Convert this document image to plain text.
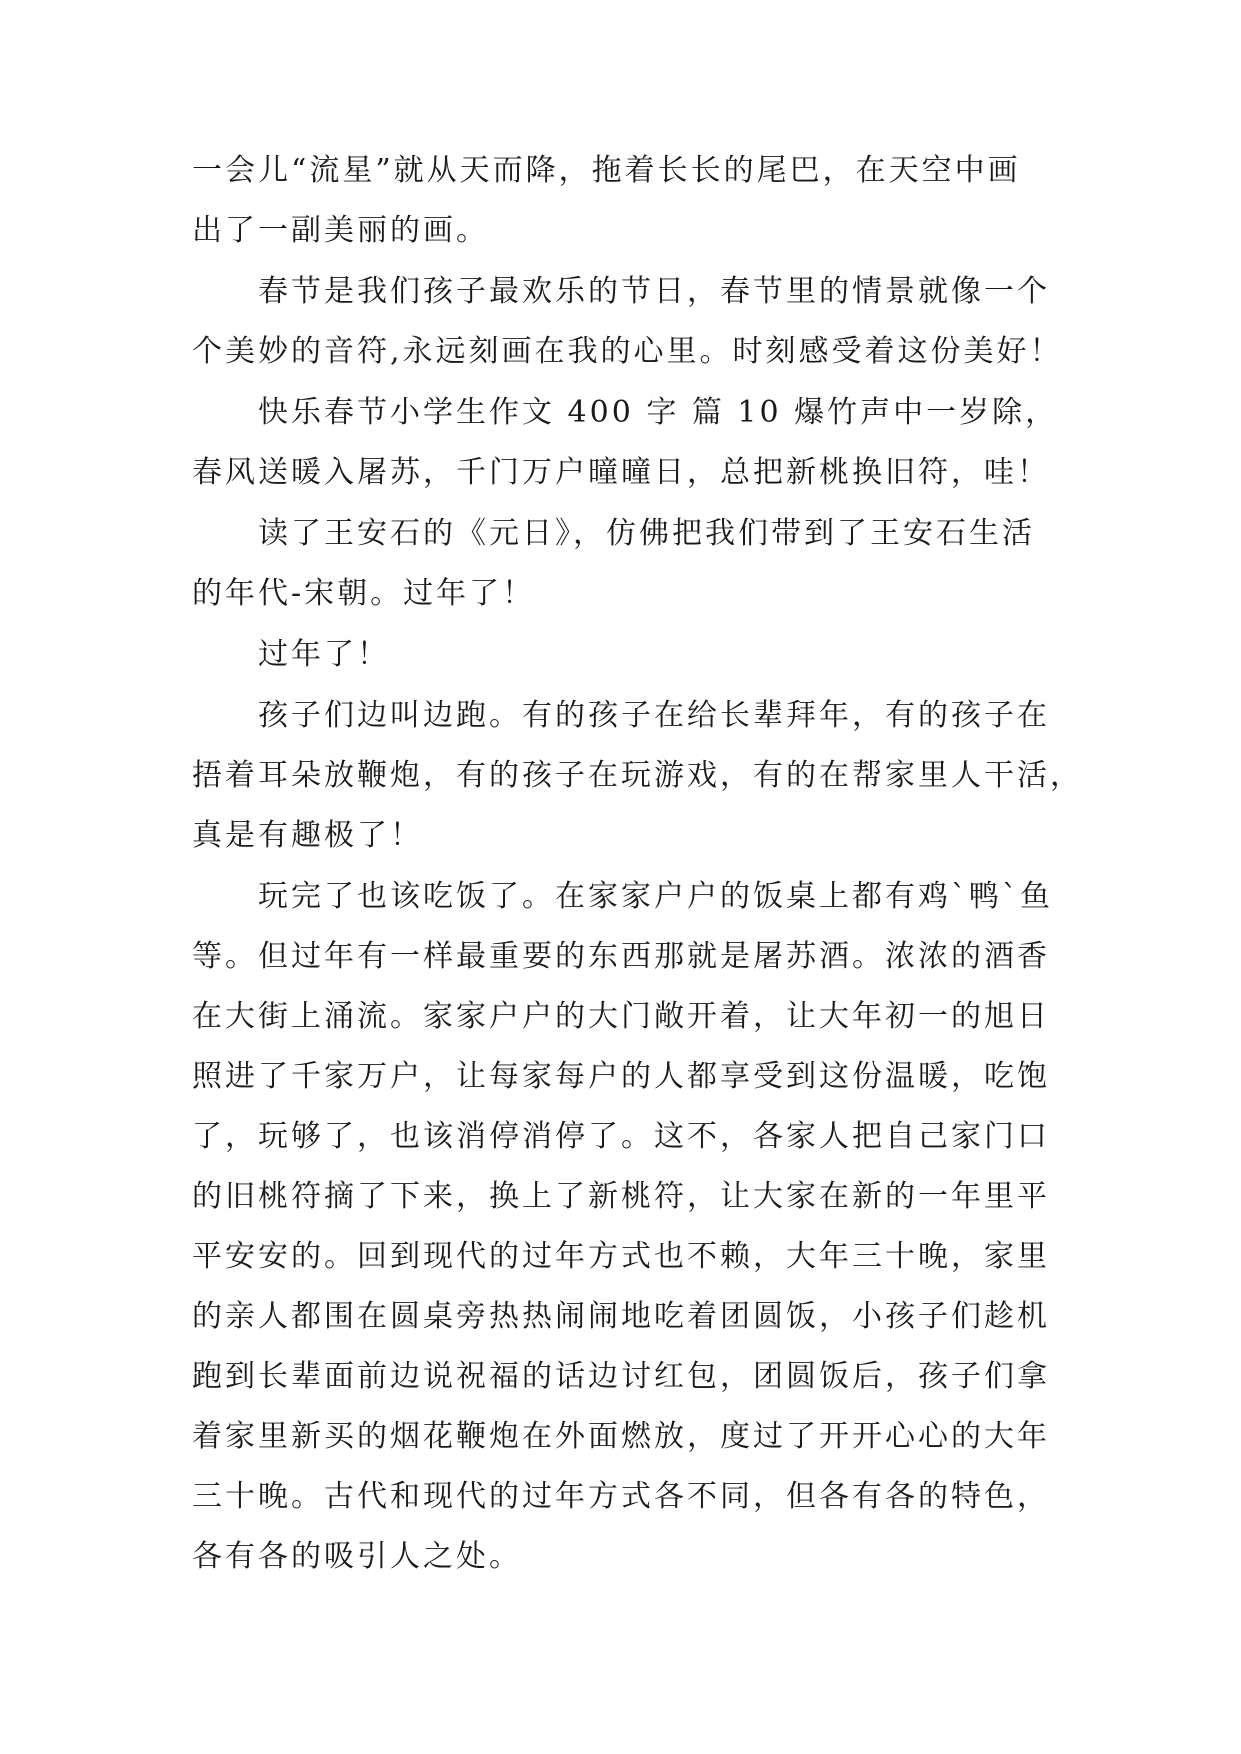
一会儿“流星”就从天而降，拖着长长的尾巴，在天空中画
出了一副美丽的画。
　　春节是我们孩子最欢乐的节日，春节里的情景就像一个
个美妙的音符,永远刻画在我的心里。时刻感受着这份美好！
　　快乐春节小学生作文 400 字 篇 10 爆竹声中一岁除，
春风送暖入屠苏，千门万户曈曈日，总把新桃换旧符，哇！
　　读了王安石的《元日》，仿佛把我们带到了王安石生活
的年代-宋朝。过年了！
　　过年了！
　　孩子们边叫边跑。有的孩子在给长辈拜年，有的孩子在
捂着耳朵放鞭炮，有的孩子在玩游戏，有的在帮家里人干活，
真是有趣极了！
　　玩完了也该吃饭了。在家家户户的饭桌上都有鸡`鸭`鱼
等。但过年有一样最重要的东西那就是屠苏酒。浓浓的酒香
在大街上涌流。家家户户的大门敞开着，让大年初一的旭日
照进了千家万户，让每家每户的人都享受到这份温暖，吃饱
了，玩够了，也该消停消停了。这不，各家人把自己家门口
的旧桃符摘了下来，换上了新桃符，让大家在新的一年里平
平安安的。回到现代的过年方式也不赖，大年三十晚，家里
的亲人都围在圆桌旁热热闹闹地吃着团圆饭，小孩子们趁机
跑到长辈面前边说祝福的话边讨红包，团圆饭后，孩子们拿
着家里新买的烟花鞭炮在外面燃放，度过了开开心心的大年
三十晚。古代和现代的过年方式各不同，但各有各的特色，
各有各的吸引人之处。
